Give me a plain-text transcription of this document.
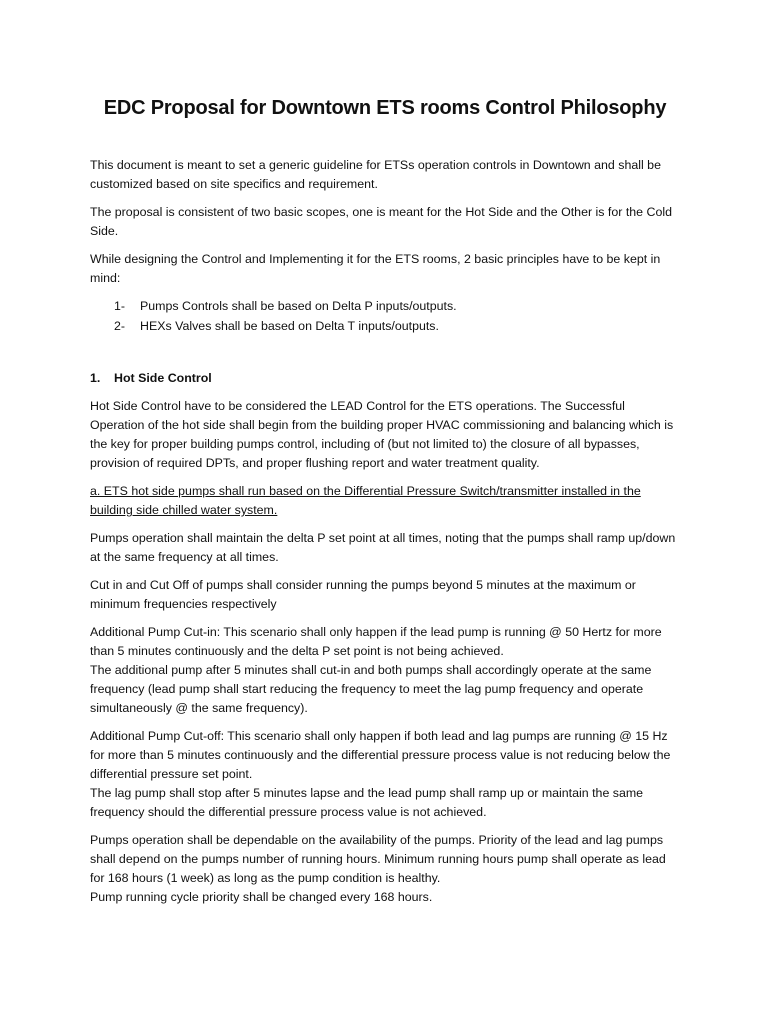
EDC Proposal for Downtown ETS rooms Control Philosophy

This document is meant to set a generic guideline for ETSs operation controls in Downtown and shall be customized based on site specifics and requirement.

The proposal is consistent of two basic scopes, one is meant for the Hot Side and the Other is for the Cold Side.

While designing the Control and Implementing it for the ETS rooms, 2 basic principles have to be kept in mind:

1-	Pumps Controls shall be based on Delta P inputs/outputs.
2-	HEXs Valves shall be based on Delta T inputs/outputs.
1.	Hot Side Control

Hot Side Control have to be considered the LEAD Control for the ETS operations. The Successful Operation of the hot side shall begin from the building proper HVAC commissioning and balancing which is the key for proper building pumps control, including of (but not limited to) the closure of all bypasses, provision of required DPTs, and proper flushing report and water treatment quality.

a. ETS hot side pumps shall run based on the Differential Pressure Switch/transmitter installed in the building side chilled water system.

Pumps operation shall maintain the delta P set point at all times, noting that the pumps shall ramp up/down at the same frequency at all times.

Cut in and Cut Off of pumps shall consider running the pumps beyond 5 minutes at the maximum or minimum frequencies respectively

Additional Pump Cut-in: This scenario shall only happen if the lead pump is running @ 50 Hertz for more than 5 minutes continuously and the delta P set point is not being achieved.
The additional pump after 5 minutes shall cut-in and both pumps shall accordingly operate at the same frequency (lead pump shall start reducing the frequency to meet the lag pump frequency and operate simultaneously @ the same frequency).

Additional Pump Cut-off: This scenario shall only happen if both lead and lag pumps are running @ 15 Hz for more than 5 minutes continuously and the differential pressure process value is not reducing below the differential pressure set point.
The lag pump shall stop after 5 minutes lapse and the lead pump shall ramp up or maintain the same frequency should the differential pressure process value is not achieved.

Pumps operation shall be dependable on the availability of the pumps. Priority of the lead and lag pumps shall depend on the pumps number of running hours. Minimum running hours pump shall operate as lead for 168 hours (1 week) as long as the pump condition is healthy.
Pump running cycle priority shall be changed every 168 hours.
